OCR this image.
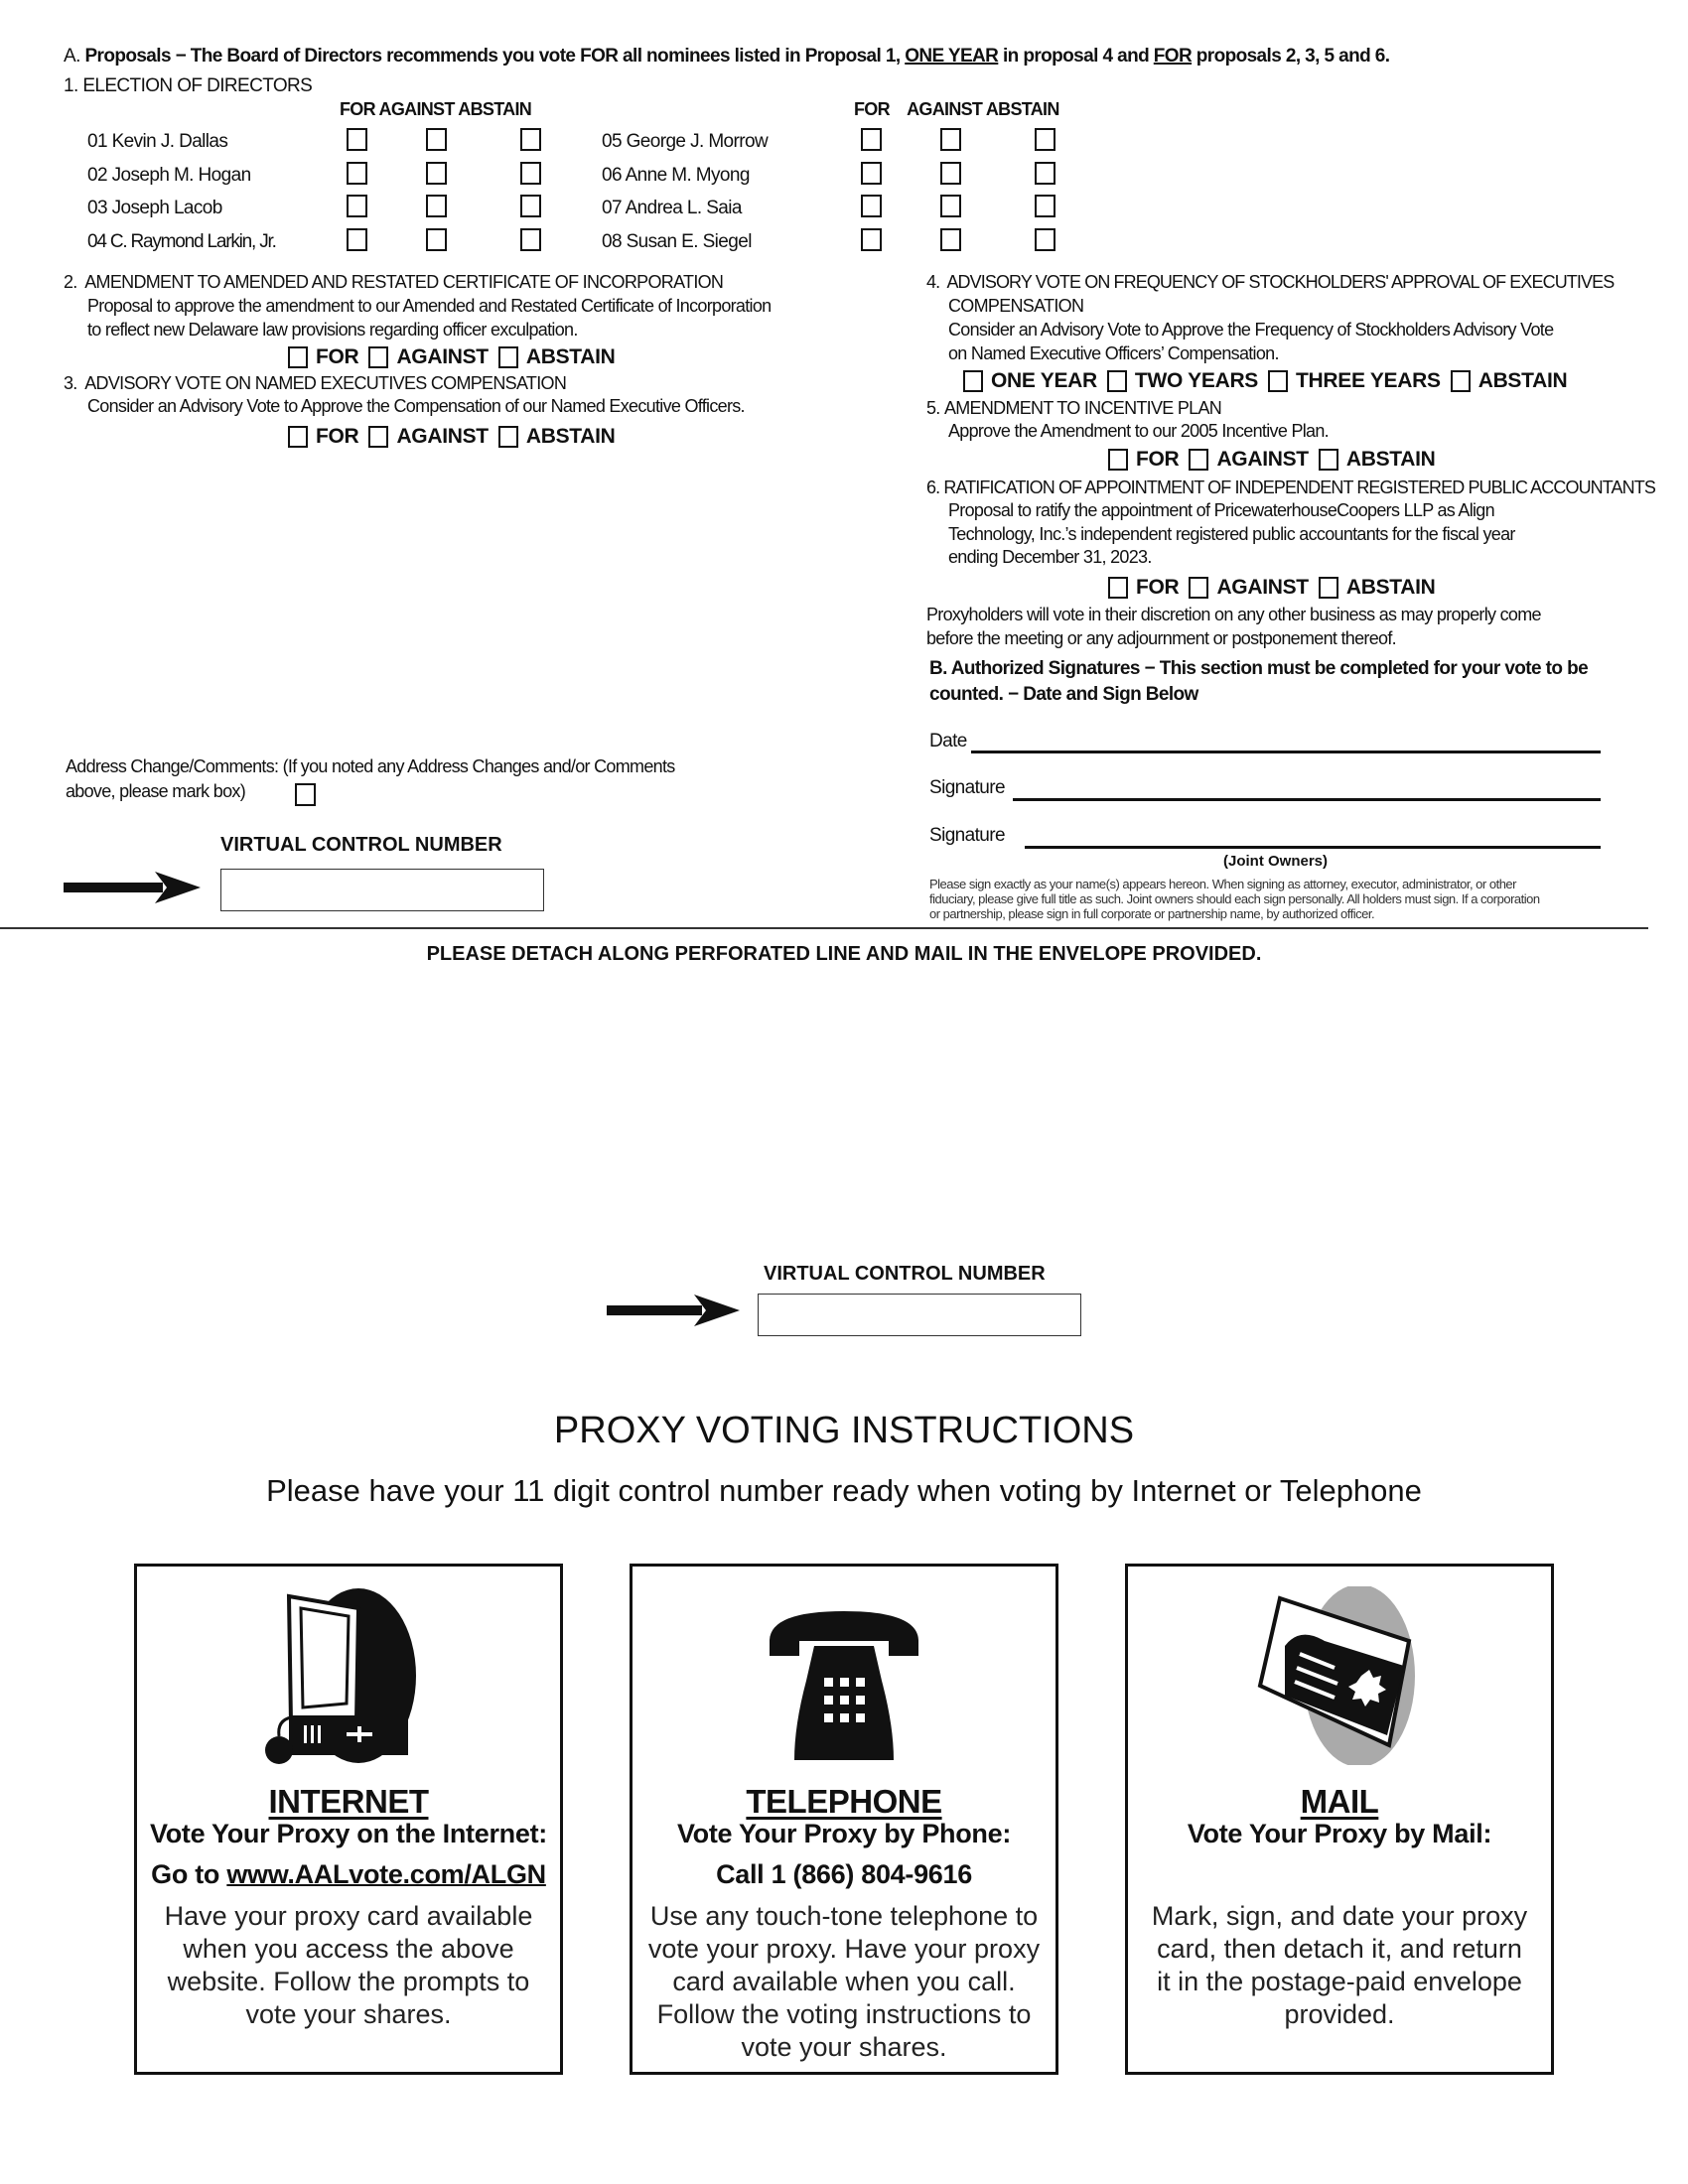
A. Proposals − The Board of Directors recommends you vote FOR all nominees listed in Proposal 1, ONE YEAR in proposal 4 and FOR proposals 2, 3, 5 and 6.
1. ELECTION OF DIRECTORS
FOR AGAINST ABSTAIN	FOR AGAINST ABSTAIN
01 Kevin J. Dallas
02 Joseph M. Hogan
03 Joseph Lacob
04 C. Raymond Larkin, Jr.
05 George J. Morrow
06 Anne M. Myong
07 Andrea L. Saia
08 Susan E. Siegel
2. AMENDMENT TO AMENDED AND RESTATED CERTIFICATE OF INCORPORATION
Proposal to approve the amendment to our Amended and Restated Certificate of Incorporation
to reflect new Delaware law provisions regarding officer exculpation.
FOR AGAINST ABSTAIN
3. ADVISORY VOTE ON NAMED EXECUTIVES COMPENSATION
Consider an Advisory Vote to Approve the Compensation of our Named Executive Officers.
FOR AGAINST ABSTAIN
4. ADVISORY VOTE ON FREQUENCY OF STOCKHOLDERS' APPROVAL OF EXECUTIVES
COMPENSATION
Consider an Advisory Vote to Approve the Frequency of Stockholders Advisory Vote
on Named Executive Officers’ Compensation.
ONE YEAR TWO YEARS THREE YEARS ABSTAIN
5. AMENDMENT TO INCENTIVE PLAN
Approve the Amendment to our 2005 Incentive Plan.
FOR AGAINST ABSTAIN
6. RATIFICATION OF APPOINTMENT OF INDEPENDENT REGISTERED PUBLIC ACCOUNTANTS
Proposal to ratify the appointment of PricewaterhouseCoopers LLP as Align
Technology, Inc.’s independent registered public accountants for the fiscal year
ending December 31, 2023.
FOR AGAINST ABSTAIN
Proxyholders will vote in their discretion on any other business as may properly come
before the meeting or any adjournment or postponement thereof.
B. Authorized Signatures − This section must be completed for your vote to be
counted. − Date and Sign Below
Date
Signature
Signature
(Joint Owners)
Please sign exactly as your name(s) appears hereon. When signing as attorney, executor, administrator, or other
fiduciary, please give full title as such. Joint owners should each sign personally. All holders must sign. If a corporation
or partnership, please sign in full corporate or partnership name, by authorized officer.
Address Change/Comments: (If you noted any Address Changes and/or Comments
above, please mark box)
VIRTUAL CONTROL NUMBER
PLEASE DETACH ALONG PERFORATED LINE AND MAIL IN THE ENVELOPE PROVIDED.
VIRTUAL CONTROL NUMBER
PROXY VOTING INSTRUCTIONS
Please have your 11 digit control number ready when voting by Internet or Telephone
INTERNET
Vote Your Proxy on the Internet:
Go to www.AALvote.com/ALGN
Have your proxy card available
when you access the above
website. Follow the prompts to
vote your shares.
TELEPHONE
Vote Your Proxy by Phone:
Call 1 (866) 804-9616
Use any touch-tone telephone to
vote your proxy. Have your proxy
card available when you call.
Follow the voting instructions to
vote your shares.
MAIL
Vote Your Proxy by Mail:
Mark, sign, and date your proxy
card, then detach it, and return
it in the postage-paid envelope
provided.
